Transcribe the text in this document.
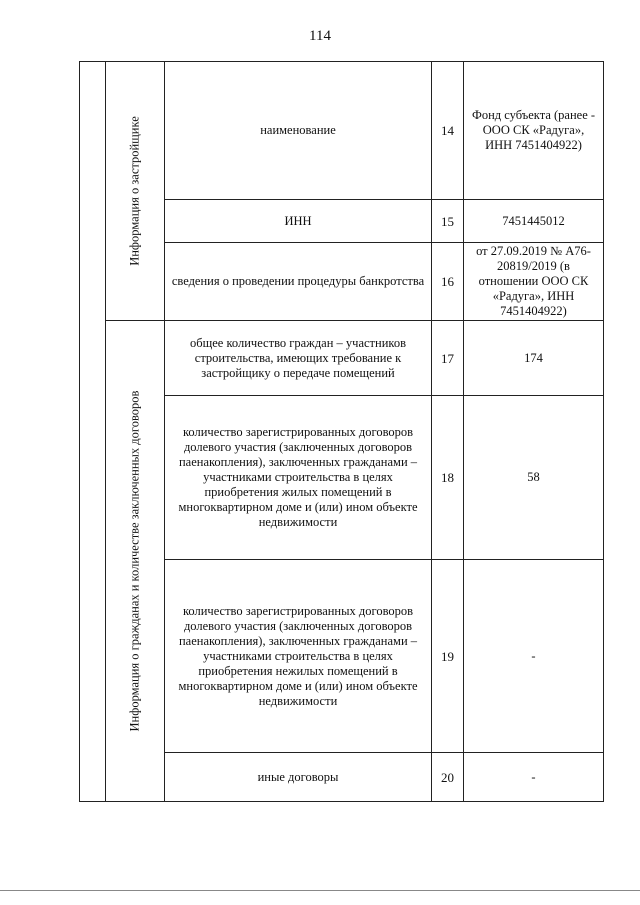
114

	Информация о застройщике	наименование	14	Фонд субъекта (ранее - ООО СК «Радуга», ИНН 7451404922)
		ИНН	15	7451445012
		сведения о проведении процедуры банкротства	16	от 27.09.2019 № А76-20819/2019 (в отношении ООО СК «Радуга», ИНН 7451404922)

	Информация о гражданах и количестве заключенных договоров	общее количество граждан – участников строительства, имеющих требование к застройщику о передаче помещений	17	174
		количество зарегистрированных договоров долевого участия (заключенных договоров паенакопления), заключенных гражданами – участниками строительства в целях приобретения жилых помещений в многоквартирном доме и (или) ином объекте недвижимости	18	58
		количество зарегистрированных договоров долевого участия (заключенных договоров паенакопления), заключенных гражданами – участниками строительства в целях приобретения нежилых помещений в многоквартирном доме и (или) ином объекте недвижимости	19	-
		иные договоры	20	-
